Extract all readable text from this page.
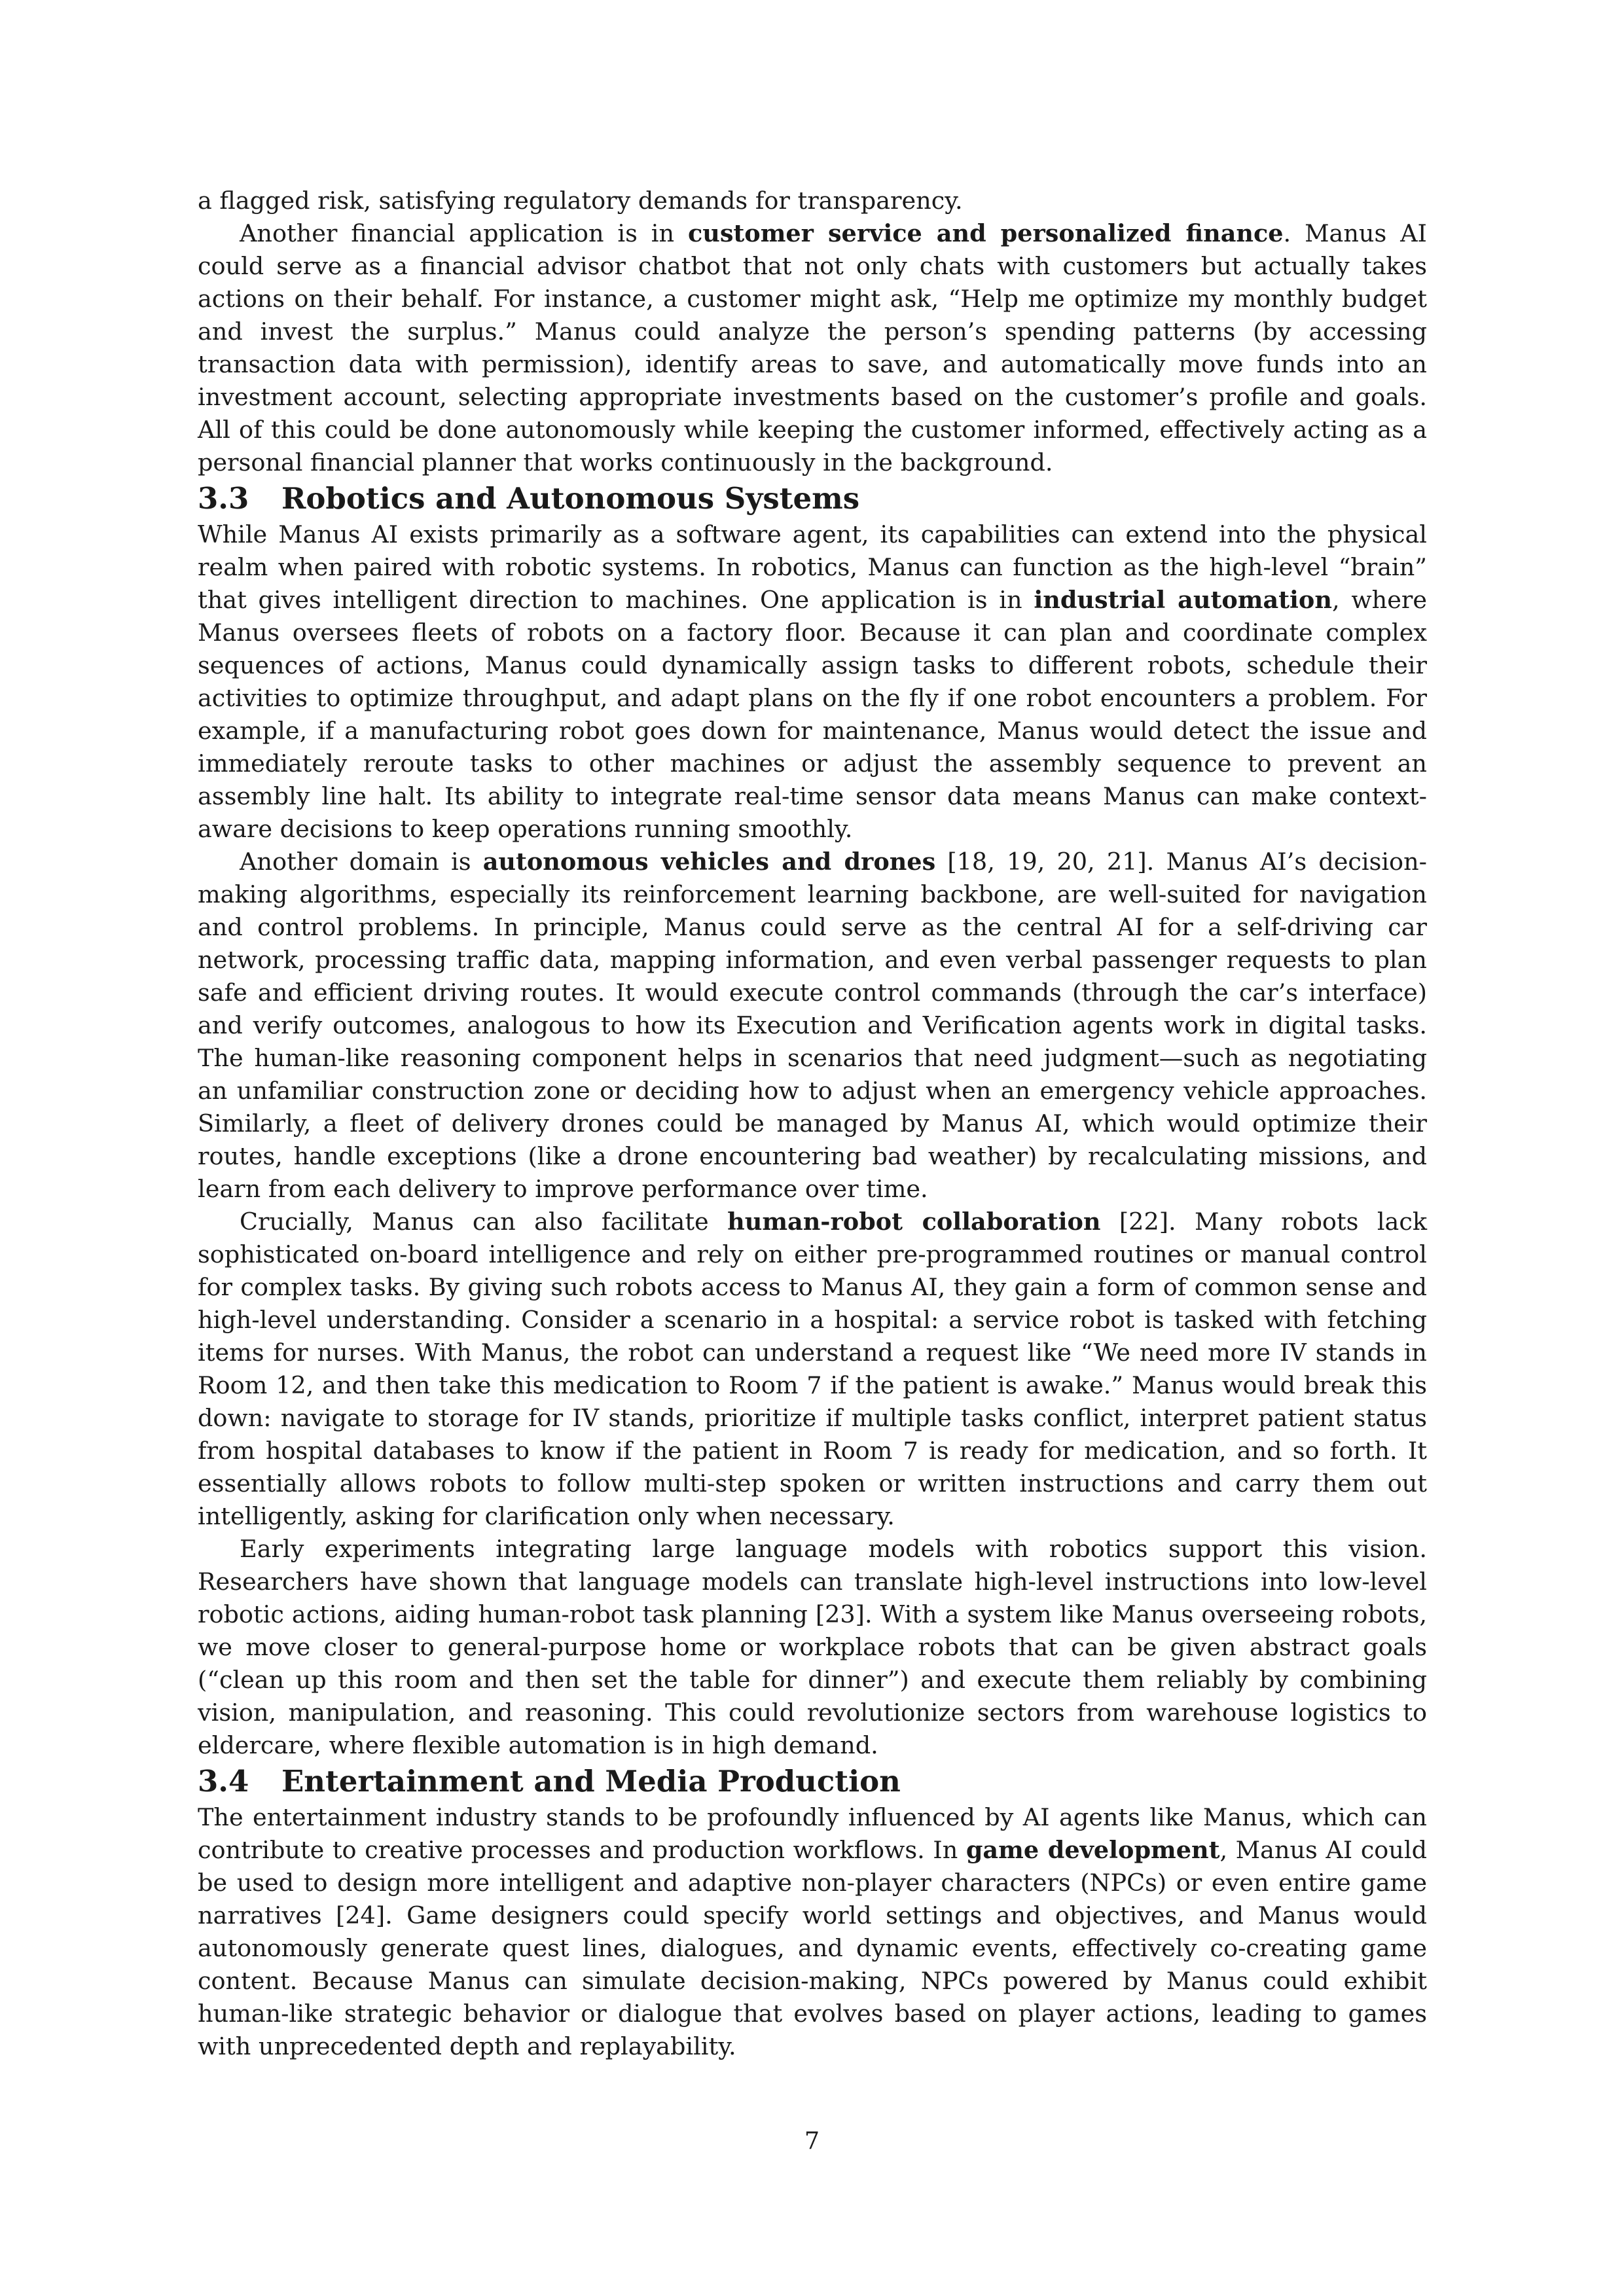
a flagged risk, satisfying regulatory demands for transparency.

Another financial application is in customer service and personalized finance. Manus AI could serve as a financial advisor chatbot that not only chats with customers but actually takes actions on their behalf. For instance, a customer might ask, “Help me optimize my monthly budget and invest the surplus.” Manus could analyze the person’s spending patterns (by accessing transaction data with permission), identify areas to save, and automatically move funds into an investment account, selecting appropriate investments based on the customer’s profile and goals. All of this could be done autonomously while keeping the customer informed, effectively acting as a personal financial planner that works continuously in the background.

3.3	Robotics and Autonomous Systems

While Manus AI exists primarily as a software agent, its capabilities can extend into the physical realm when paired with robotic systems. In robotics, Manus can function as the high-level “brain” that gives intelligent direction to machines. One application is in industrial automation, where Manus oversees fleets of robots on a factory floor. Because it can plan and coordinate complex sequences of actions, Manus could dynamically assign tasks to different robots, schedule their activities to optimize throughput, and adapt plans on the fly if one robot encounters a problem. For example, if a manufacturing robot goes down for maintenance, Manus would detect the issue and immediately reroute tasks to other machines or adjust the assembly sequence to prevent an assembly line halt. Its ability to integrate real-time sensor data means Manus can make context-aware decisions to keep operations running smoothly.

Another domain is autonomous vehicles and drones [18, 19, 20, 21]. Manus AI’s decision-making algorithms, especially its reinforcement learning backbone, are well-suited for navigation and control problems. In principle, Manus could serve as the central AI for a self-driving car network, processing traffic data, mapping information, and even verbal passenger requests to plan safe and efficient driving routes. It would execute control commands (through the car’s interface) and verify outcomes, analogous to how its Execution and Verification agents work in digital tasks. The human-like reasoning component helps in scenarios that need judgment—such as negotiating an unfamiliar construction zone or deciding how to adjust when an emergency vehicle approaches. Similarly, a fleet of delivery drones could be managed by Manus AI, which would optimize their routes, handle exceptions (like a drone encountering bad weather) by recalculating missions, and learn from each delivery to improve performance over time.

Crucially, Manus can also facilitate human-robot collaboration [22]. Many robots lack sophisticated on-board intelligence and rely on either pre-programmed routines or manual control for complex tasks. By giving such robots access to Manus AI, they gain a form of common sense and high-level understanding. Consider a scenario in a hospital: a service robot is tasked with fetching items for nurses. With Manus, the robot can understand a request like “We need more IV stands in Room 12, and then take this medication to Room 7 if the patient is awake.” Manus would break this down: navigate to storage for IV stands, prioritize if multiple tasks conflict, interpret patient status from hospital databases to know if the patient in Room 7 is ready for medication, and so forth. It essentially allows robots to follow multi-step spoken or written instructions and carry them out intelligently, asking for clarification only when necessary.

Early experiments integrating large language models with robotics support this vision. Researchers have shown that language models can translate high-level instructions into low-level robotic actions, aiding human-robot task planning [23]. With a system like Manus overseeing robots, we move closer to general-purpose home or workplace robots that can be given abstract goals (“clean up this room and then set the table for dinner”) and execute them reliably by combining vision, manipulation, and reasoning. This could revolutionize sectors from warehouse logistics to eldercare, where flexible automation is in high demand.

3.4	Entertainment and Media Production

The entertainment industry stands to be profoundly influenced by AI agents like Manus, which can contribute to creative processes and production workflows. In game development, Manus AI could be used to design more intelligent and adaptive non-player characters (NPCs) or even entire game narratives [24]. Game designers could specify world settings and objectives, and Manus would autonomously generate quest lines, dialogues, and dynamic events, effectively co-creating game content. Because Manus can simulate decision-making, NPCs powered by Manus could exhibit human-like strategic behavior or dialogue that evolves based on player actions, leading to games with unprecedented depth and replayability.

7
